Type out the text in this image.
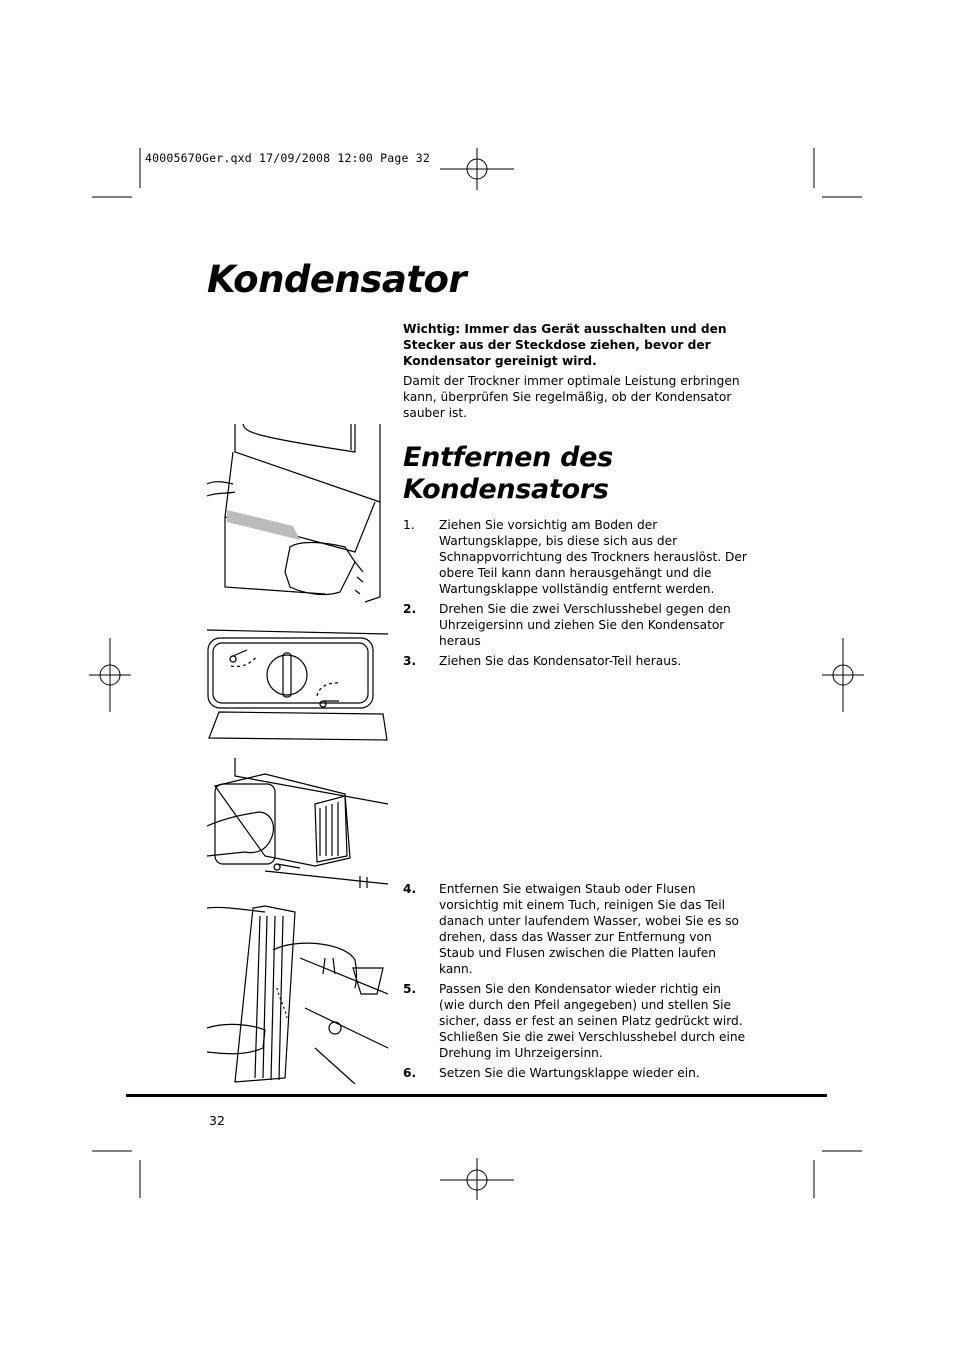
40005670Ger.qxd 17/09/2008 12:00 Page 32
Kondensator

Wichtig: Immer das Gerät ausschalten und den Stecker aus der Steckdose ziehen, bevor der Kondensator gereinigt wird.

Damit der Trockner immer optimale Leistung erbringen kann, überprüfen Sie regelmäßig, ob der Kondensator sauber ist.

Entfernen des Kondensators
1.	Ziehen Sie vorsichtig am Boden der Wartungsklappe, bis diese sich aus der Schnappvorrichtung des Trockners herauslöst. Der obere Teil kann dann herausgehängt und die Wartungsklappe vollständig entfernt werden.
2.	Drehen Sie die zwei Verschlusshebel gegen den Uhrzeigersinn und ziehen Sie den Kondensator heraus
3.	Ziehen Sie das Kondensator-Teil heraus.
4.	Entfernen Sie etwaigen Staub oder Flusen vorsichtig mit einem Tuch, reinigen Sie das Teil danach unter laufendem Wasser, wobei Sie es so drehen, dass das Wasser zur Entfernung von Staub und Flusen zwischen die Platten laufen kann.
5.	Passen Sie den Kondensator wieder richtig ein (wie durch den Pfeil angegeben) und stellen Sie sicher, dass er fest an seinen Platz gedrückt wird. Schließen Sie die zwei Verschlusshebel durch eine Drehung im Uhrzeigersinn.
6.	Setzen Sie die Wartungsklappe wieder ein.
32
